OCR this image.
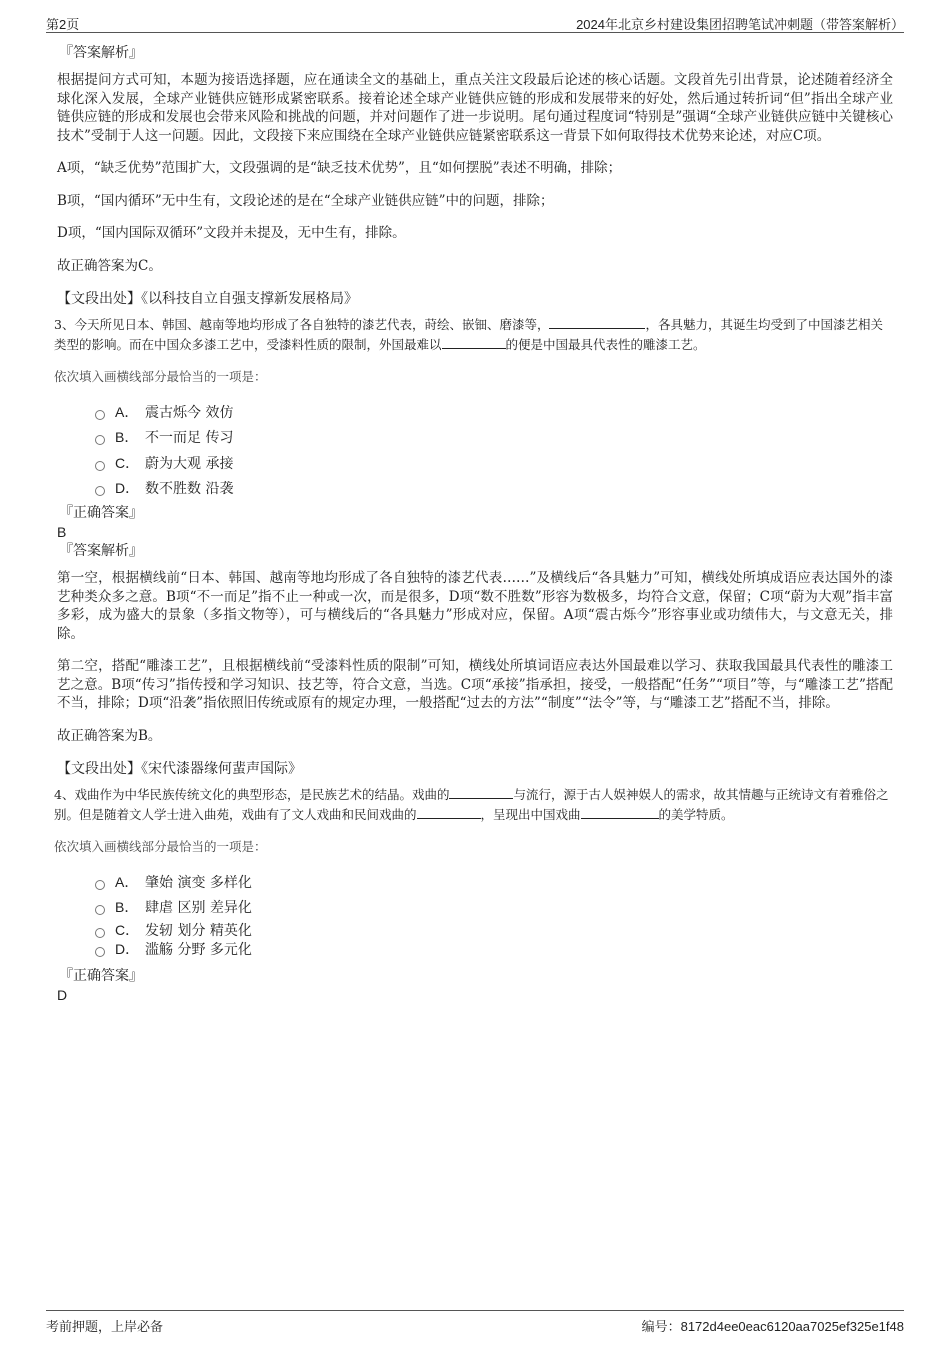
第2页	2024年北京乡村建设集团招聘笔试冲刺题（带答案解析）
『答案解析』

根据提问方式可知，本题为接语选择题，应在通读全文的基础上，重点关注文段最后论述的核心话题。文段首先引出背景，论述随着经济全球化深入发展，全球产业链供应链形成紧密联系。接着论述全球产业链供应链的形成和发展带来的好处，然后通过转折词“但”指出全球产业链供应链的形成和发展也会带来风险和挑战的问题，并对问题作了进一步说明。尾句通过程度词“特别是”强调“全球产业链供应链中关键核心技术”受制于人这一问题。因此，文段接下来应围绕在全球产业链供应链紧密联系这一背景下如何取得技术优势来论述，对应C项。

A项，“缺乏优势”范围扩大，文段强调的是“缺乏技术优势”，且“如何摆脱”表述不明确，排除；

B项，“国内循环”无中生有，文段论述的是在“全球产业链供应链”中的问题，排除；

D项，“国内国际双循环”文段并未提及，无中生有，排除。

故正确答案为C。

【文段出处】《以科技自立自强支撑新发展格局》
3、今天所见日本、韩国、越南等地均形成了各自独特的漆艺代表，莳绘、嵌钿、磨漆等，	，各具魅力，其诞生均受到了中国漆艺相关类型的影响。而在中国众多漆工艺中，受漆料性质的限制，外国最难以	的便是中国最具代表性的雕漆工艺。
依次填入画横线部分最恰当的一项是：
A． 震古烁今 效仿
B． 不一而足 传习
C． 蔚为大观 承接
D． 数不胜数 沿袭
『正确答案』
B
『答案解析』

第一空，根据横线前“日本、韩国、越南等地均形成了各自独特的漆艺代表……”及横线后“各具魅力”可知，横线处所填成语应表达国外的漆艺种类众多之意。B项“不一而足”指不止一种或一次，而是很多，D项“数不胜数”形容为数极多，均符合文意，保留；C项“蔚为大观”指丰富多彩，成为盛大的景象（多指文物等），可与横线后的“各具魅力”形成对应，保留。A项“震古烁今”形容事业或功绩伟大，与文意无关，排除。

第二空，搭配“雕漆工艺”，且根据横线前“受漆料性质的限制”可知，横线处所填词语应表达外国最难以学习、获取我国最具代表性的雕漆工艺之意。B项“传习”指传授和学习知识、技艺等，符合文意，当选。C项“承接”指承担，接受，一般搭配“任务”“项目”等，与“雕漆工艺”搭配不当，排除；D项“沿袭”指依照旧传统或原有的规定办理，一般搭配“过去的方法”“制度”“法令”等，与“雕漆工艺”搭配不当，排除。

故正确答案为B。

【文段出处】《宋代漆器缘何蜚声国际》
4、戏曲作为中华民族传统文化的典型形态，是民族艺术的结晶。戏曲的	与流行，源于古人娱神娱人的需求，故其情趣与正统诗文有着雅俗之别。但是随着文人学士进入曲苑，戏曲有了文人戏曲和民间戏曲的	，呈现出中国戏曲	的美学特质。
依次填入画横线部分最恰当的一项是：
A． 肇始 演变 多样化
B． 肆虐 区别 差异化
C． 发轫 划分 精英化
D． 滥觞 分野 多元化
『正确答案』
D
考前押题，上岸必备	编号：8172d4ee0eac6120aa7025ef325e1f48
